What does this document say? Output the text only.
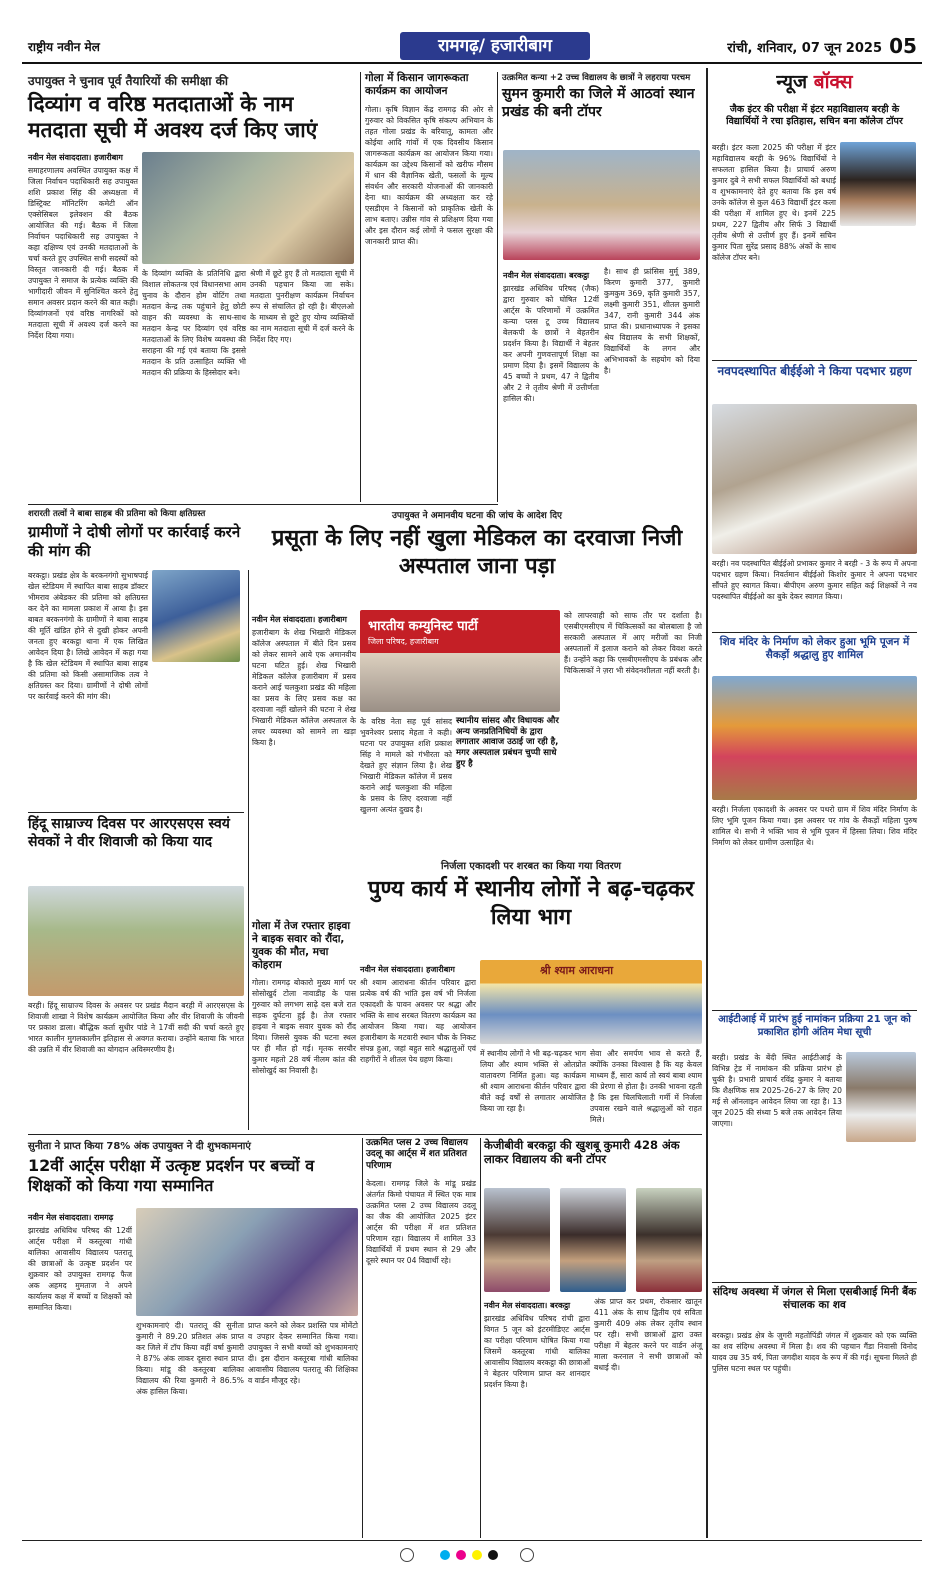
राष्ट्रीय नवीन मेल	रामगढ़/ हजारीबाग	रांची, शनिवार, 07 जून 2025 05
उपायुक्त ने चुनाव पूर्व तैयारियों की समीक्षा की
दिव्यांग व वरिष्ठ मतदाताओं के नाम मतदाता सूची में अवश्य दर्ज किए जाएं
नवीन मेल संवाददाता। हजारीबाग
समाहरणालय अवस्थित उपायुक्त कक्ष में जिला निर्वाचन पदाधिकारी सह उपायुक्त शशि प्रकाश सिंह की अध्यक्षता में डिस्ट्रिक्ट मॉनिटरिंग कमेटी ऑन एक्सेसिबल इलेक्शन की बैठक आयोजित की गई। बैठक में जिला निर्वाचन पदाधिकारी सह उपायुक्त ने कहा दक्षिण्य एवं उनकी मतदाताओं के चर्चा करते हुए उपस्थित सभी सदस्यों को विस्तृत जानकारी दी गई। बैठक में उपायुक्त ने समाज के प्रत्येक व्यक्ति की भागीदारी जीवन में सुनिश्चित करने हेतु समान अवसर प्रदान करने की बात कही। दिव्यांगजनों एवं वरिष्ठ नागरिकों को मतदाता सूची में अवश्य दर्ज करने का निर्देश दिया गया।
के दिव्यांग व्यक्ति के प्रतिनिधि द्वारा विशाल लोकतन्त्र एवं विधानसभा आम चुनाव के दौरान होम वोटिंग तथा मतदान केन्द्र तक पहुंचाने हेतु छोटी वाहन की व्यवस्था के साथ-साथ मतदान केन्द्र पर दिव्यांग एवं वरिष्ठ मतदाताओं के लिए विशेष व्यवस्था की सराहना की गई एवं बताया कि इससे मतदान के प्रति उत्साहित व्यक्ति भी मतदान की प्रक्रिया के हिस्सेदार बने।
श्रेणी में छूटे हुए हैं तो मतदाता सूची में उनकी पहचान किया जा सके। मतदाता पुनरीक्षण कार्यक्रम निर्वाचन रूप से संचालित हो रही है। बीएलओ के माध्यम से छूटे हुए योग्य व्यक्तियों का नाम मतदाता सूची में दर्ज करने के निर्देश दिए गए।
गोला में किसान जागरूकता कार्यक्रम का आयोजन
गोला। कृषि विज्ञान केंद्र रामगढ़ की ओर से गुरुवार को विकसित कृषि संकल्प अभियान के तहत गोला प्रखंड के बरियातू, कामता और कोईया आदि गांवों में एक दिवसीय किसान जागरूकता कार्यक्रम का आयोजन किया गया। कार्यक्रम का उद्देश्य किसानों को खरीफ मौसम में धान की वैज्ञानिक खेती, फसलों के मूल्य संवर्धन और सरकारी योजनाओं की जानकारी देना था। कार्यक्रम की अध्यक्षता कर रहे एसडीएम ने किसानों को प्राकृतिक खेती के लाभ बताए। उन्नीस गांव से प्रशिक्षण दिया गया और इस दौरान कई लोगों ने फसल सुरक्षा की जानकारी प्राप्त की।
उत्क्रमित कन्या +2 उच्च विद्यालय के छात्रों ने लहराया परचम
सुमन कुमारी का जिले में आठवां स्थान प्रखंड की बनी टॉपर
नवीन मेल संवाददाता। बरकट्ठा
झारखंड अधिविध परिषद (जैक) द्वारा गुरुवार को घोषित 12वीं आर्ट्स के परिणामों में उत्क्रमित कन्या प्लस टू उच्च विद्यालय बेलकपी के छात्रों ने बेहतरीन प्रदर्शन किया है। विद्यार्थी ने बेहतर कर अपनी गुणवत्तापूर्ण शिक्षा का प्रमाण दिया है। इसमें विद्यालय के 45 बच्चों ने प्रथम, 47 ने द्वितीय और 2 ने तृतीय श्रेणी में उत्तीर्णता हासिल की।
है। साथ ही फ्रांसिस मुर्मू 389, किरण कुमारी 377, कुमारी कुमकुम 369, कृति कुमारी 357, लक्ष्मी कुमारी 351, शीतल कुमारी 347, रानी कुमारी 344 अंक प्राप्त की। प्रधानाध्यापक ने इसका श्रेय विद्यालय के सभी शिक्षकों, विद्यार्थियों के लगन और अभिभावकों के सहयोग को दिया है।
शरारती तत्वों ने बाबा साहब की प्रतिमा को किया क्षतिग्रस्त
ग्रामीणों ने दोषी लोगों पर कार्रवाई करने की मांग की
बरकट्ठा। प्रखंड क्षेत्र के बरकनगंगो सुभाषपाई खेल स्टेडियम में स्थापित बाबा साहब डॉक्टर भीमराव अंबेडकर की प्रतिमा को क्षतिग्रस्त कर देने का मामला प्रकाश में आया है। इस बाबत बरकनगंगो के ग्रामीणों ने बाबा साहब की मूर्ति खंडित होने से दुखी होकर अपनी जनता हुए बरकट्ठा थाना में एक लिखित आवेदन दिया है। लिखे आवेदन में कहा गया है कि खेल स्टेडियम में स्थापित बाबा साहब की प्रतिमा को किसी असामाजिक तत्व ने क्षतिग्रस्त कर दिया। ग्रामीणों ने दोषी लोगों पर कार्रवाई करने की मांग की।
हिंदू साम्राज्य दिवस पर आरएसएस स्वयं सेवकों ने वीर शिवाजी को किया याद
बरही। हिंदू साम्राज्य दिवस के अवसर पर प्रखंड मैदान बरही में आरएसएस के शिवाजी शाखा ने विशेष कार्यक्रम आयोजित किया और वीर शिवाजी के जीवनी पर प्रकाश डाला। बौद्धिक कर्ता सुधीर पांडे ने 17वीं सदी की चर्चा करते हुए भारत कालीन मुगलकालीन इतिहास से अवगत कराया। उन्होंने बताया कि भारत की उन्नति में वीर शिवाजी का योगदान अविस्मरणीय है।
उपायुक्त ने अमानवीय घटना की जांच के आदेश दिए
प्रसूता के लिए नहीं खुला मेडिकल का दरवाजा निजी अस्पताल जाना पड़ा
नवीन मेल संवाददाता। हजारीबाग
हजारीबाग के शेख भिखारी मेडिकल कॉलेज अस्पताल में बीते दिन प्रसव को लेकर सामने आये एक अमानवीय घटना घटित हुई। शेख भिखारी मेडिकल कॉलेज हजारीबाग में प्रसव कराने आई चलकुशा प्रखंड की महिला का प्रसव के लिए प्रसव कक्ष का दरवाजा नहीं खोलने की घटना ने शेख भिखारी मेडिकल कॉलेज अस्पताल के लचर व्यवस्था को सामने ला खड़ा किया है।
भारतीय कम्युनिस्ट पार्टी
जिला परिषद, हजारीबाग
के वरिष्ठ नेता सह पूर्व सांसद भुवनेश्वर प्रसाद मेहता ने कही। घटना पर उपायुक्त शशि प्रकाश सिंह ने मामले को गंभीरता को देखते हुए संज्ञान लिया है। शेख भिखारी मेडिकल कॉलेज में प्रसव कराने आई चलकुशा की महिला के प्रसव के लिए दरवाजा नहीं खुलना अत्यंत दुखद है।
स्थानीय सांसद और विधायक और अन्य जनप्रतिनिधियों के द्वारा लगातार आवाज उठाई जा रही है, मगर अस्पताल प्रबंधन चुप्पी साधे हुए है
को लापरवाही को साफ तौर पर दर्शाता है। एसबीएमसीएच में चिकित्सकों का बोलबाला है जो सरकारी अस्पताल में आए मरीजों का निजी अस्पतालों में इलाज कराने को लेकर विवश करते हैं। उन्होंने कहा कि एसबीएमसीएच के प्रबंधक और चिकित्सकों ने ज़रा भी संवेदनशीलता नहीं बरती है।
गोला में तेज रफ्तार हाइवा ने बाइक सवार को रौंदा, युवक की मौत, मचा कोहराम
गोला। रामगढ़ बोकारो मुख्य मार्ग पर सोसोखुर्द टोला नावाडीह के पास गुरुवार को लगभग साढ़े दस बजे रात सड़क दुर्घटना हुई है। तेज रफ्तार हाइवा ने बाइक सवार युवक को रौंद दिया। जिससे युवक की घटना स्थल पर ही मौत हो गई। मृतक सरयौर कुमार महतो 28 वर्ष नीलम कांत की सोसोखुर्द का निवासी है।
निर्जला एकादशी पर शरबत का किया गया वितरण
पुण्य कार्य में स्थानीय लोगों ने बढ़-चढ़कर लिया भाग
नवीन मेल संवाददाता। हजारीबाग
श्री श्याम आराधना कीर्तन परिवार द्वारा प्रत्येक वर्ष की भांति इस वर्ष भी निर्जला एकादशी के पावन अवसर पर श्रद्धा और भक्ति के साथ सरबत वितरण कार्यक्रम का आयोजन किया गया। यह आयोजन हजारीबाग के मटवारी स्थान चौक के निकट संपन्न हुआ, जहां बहुत सारे श्रद्धालुओं एवं राहगीरों ने शीतल पेय ग्रहण किया।
श्री श्याम आराधना
में स्थानीय लोगों ने भी बढ़-चढ़कर भाग लिया और श्याम भक्ति से ओतप्रोत वातावरण निर्मित हुआ। यह कार्यक्रम श्री श्याम आराधना कीर्तन परिवार द्वारा बीते कई वर्षों से लगातार आयोजित किया जा रहा है।
सेवा और समर्पण भाव से करते हैं, क्योंकि उनका विश्वास है कि यह केवल माध्यम हैं, सारा कार्य तो स्वयं बाबा श्याम की प्रेरणा से होता है। उनकी भावना रहती है कि इस चिलचिलाती गर्मी में निर्जला उपवास रखने वाले श्रद्धालुओं को राहत मिले।
सुनीता ने प्राप्त किया 78% अंक उपायुक्त ने दी शुभकामनाएं
12वीं आर्ट्स परीक्षा में उत्कृष्ट प्रदर्शन पर बच्चों व शिक्षकों को किया गया सम्मानित
नवीन मेल संवाददाता। रामगढ़
झारखंड अधिविध परिषद की 12वीं आर्ट्स परीक्षा में कस्तूरबा गांधी बालिका आवासीय विद्यालय पतरातू की छात्राओं के उत्कृष्ट प्रदर्शन पर शुक्रवार को उपायुक्त रामगढ़ फैज अक अहमद मुमताज ने अपने कार्यालय कक्ष में बच्चों व शिक्षकों को सम्मानित किया।
शुभकामनाएं दी। पतरातू की सुनीता कुमारी ने 89.20 प्रतिशत अंक प्राप्त कर जिले में टॉप किया वहीं वर्षा कुमारी ने 87% अंक लाकर दूसरा स्थान प्राप्त किया। मांडू की कस्तूरबा बालिका विद्यालय की रिया कुमारी ने 86.5% अंक हासिल किया।
प्राप्त करने को लेकर प्रशस्ति पत्र मोमेंटो व उपहार देकर सम्मानित किया गया। उपायुक्त ने सभी बच्चों को शुभकामनाएं दी। इस दौरान कस्तूरबा गांधी बालिका आवासीय विद्यालय पतरातू की शिक्षिका व वार्डन मौजूद रहे।
उत्क्रमित प्लस 2 उच्च विद्यालय उदलू का आर्ट्स में शत प्रतिशत परिणाम
केदला। रामगढ़ जिले के मांडू प्रखंड अंतर्गत किमो पंचायत में स्थित एक मात्र उत्क्रमित प्लस 2 उच्च विद्यालय उदलू का जैक की आयोजित 2025 इंटर आर्ट्स की परीक्षा में शत प्रतिशत परिणाम रहा। विद्यालय में शामिल 33 विद्यार्थियों में प्रथम स्थान से 29 और दूसरे स्थान पर 04 विद्यार्थी रहे।
केजीबीवी बरकट्ठा की खुशबू कुमारी 428 अंक लाकर विद्यालय की बनी टॉपर
नवीन मेल संवाददाता। बरकट्ठा
झारखंड अधिविध परिषद रांची द्वारा विगत 5 जून को इंटरमीडिएट आर्ट्स का परीक्षा परिणाम घोषित किया गया जिसमें कस्तूरबा गांधी बालिका आवासीय विद्यालय बरकट्ठा की छात्राओं ने बेहतर परिणाम प्राप्त कर शानदार प्रदर्शन किया है।
अंक प्राप्त कर प्रथम, रोकसार खातून 411 अंक के साथ द्वितीय एवं सविता कुमारी 409 अंक लेकर तृतीय स्थान पर रही। सभी छात्राओं द्वारा उक्त परीक्षा में बेहतर करने पर वार्डन अंजू माला करनाल ने सभी छात्राओं को बधाई दी।
न्यूज बॉक्स
जैक इंटर की परीक्षा में इंटर महाविद्यालय बरही के विद्यार्थियों ने रचा इतिहास, सचिन बना कॉलेज टॉपर
बरही। इंटर कला 2025 की परीक्षा में इंटर महाविद्यालय बरही के 96% विद्यार्थियों ने सफलता हासिल किया है। प्राचार्य अरुण कुमार दुबे ने सभी सफल विद्यार्थियों को बधाई व शुभकामनाएं देते हुए बताया कि इस वर्ष उनके कॉलेज से कुल 463 विद्यार्थी इंटर कला की परीक्षा में शामिल हुए थे। इनमें 225 प्रथम, 227 द्वितीय और सिर्फ 3 विद्यार्थी तृतीय श्रेणी से उत्तीर्ण हुए हैं। इनमें सचिन कुमार पिता सुरेंद्र प्रसाद 88% अंकों के साथ कॉलेज टॉपर बने।
नवपदस्थापित बीईईओ ने किया पदभार ग्रहण
बरही। नव पदस्थापित बीईईओ प्रभाकर कुमार ने बरही - 3 के रूप में अपना पदभार ग्रहण किया। निवर्तमान बीईईओ किशोर कुमार ने अपना पदभार सौंपते हुए स्वागत किया। बीपीएम अरुण कुमार सहित कई शिक्षकों ने नव पदस्थापित बीईईओ का बुके देकर स्वागत किया।
शिव मंदिर के निर्माण को लेकर हुआ भूमि पूजन में सैकड़ों श्रद्धालु हुए शामिल
बरही। निर्जला एकादशी के अवसर पर पथरो ग्राम में शिव मंदिर निर्माण के लिए भूमि पूजन किया गया। इस अवसर पर गांव के सैकड़ों महिला पुरुष शामिल थे। सभी ने भक्ति भाव से भूमि पूजन में हिस्सा लिया। शिव मंदिर निर्माण को लेकर ग्रामीण उत्साहित थे।
आईटीआई में प्रारंभ हुई नामांकन प्रक्रिया 21 जून को प्रकाशित होगी अंतिम मेधा सूची
बरही। प्रखंड के बेंदी स्थित आईटीआई के विभिन्न ट्रेड में नामांकन की प्रक्रिया प्रारंभ हो चुकी है। प्रभारी प्राचार्य रविंद्र कुमार ने बताया कि शैक्षणिक सत्र 2025-26-27 के लिए 20 मई से ऑनलाइन आवेदन लिया जा रहा है। 13 जून 2025 की संध्या 5 बजे तक आवेदन लिया जाएगा।
संदिग्ध अवस्था में जंगल से मिला एसबीआई मिनी बैंक संचालक का शव
बरकट्ठा। प्रखंड क्षेत्र के जुगरी महतोपिंडी जंगल में शुक्रवार को एक व्यक्ति का शव संदिग्ध अवस्था में मिला है। शव की पहचान गैंडा निवासी विनोद यादव उम्र 35 वर्ष, पिता जगदीश यादव के रूप में की गई। सूचना मिलते ही पुलिस घटना स्थल पर पहुंची।
